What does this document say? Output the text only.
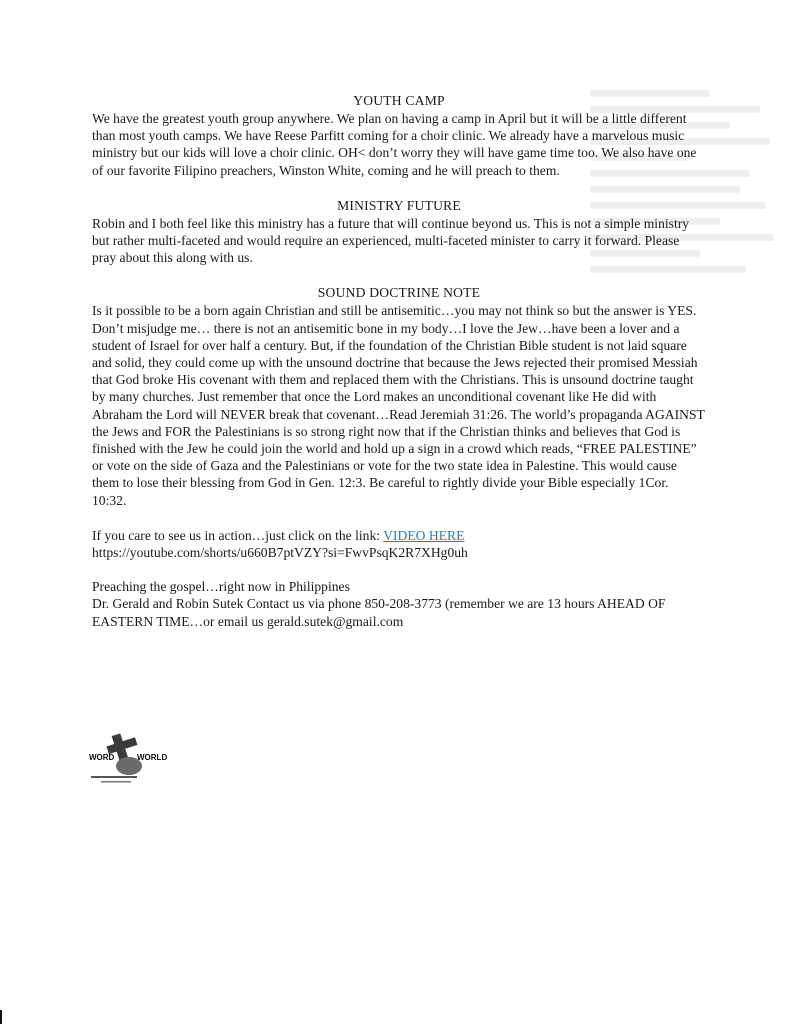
YOUTH CAMP

We have the greatest youth group anywhere. We plan on having a camp in April but it will be a little different than most youth camps. We have Reese Parfitt coming for a choir clinic. We already have a marvelous music ministry but our kids will love a choir clinic. OH< don’t worry they will have game time too. We also have one of our favorite Filipino preachers, Winston White, coming and he will preach to them.

MINISTRY FUTURE

Robin and I both feel like this ministry has a future that will continue beyond us. This is not a simple ministry but rather multi-faceted and would require an experienced, multi-faceted minister to carry it forward. Please pray about this along with us.

SOUND DOCTRINE NOTE

Is it possible to be a born again Christian and still be antisemitic…you may not think so but the answer is YES. Don’t misjudge me… there is not an antisemitic bone in my body…I love the Jew…have been a lover and a student of Israel for over half a century. But, if the foundation of the Christian Bible student is not laid square and solid, they could come up with the unsound doctrine that because the Jews rejected their promised Messiah that God broke His covenant with them and replaced them with the Christians. This is unsound doctrine taught by many churches. Just remember that once the Lord makes an unconditional covenant like He did with Abraham the Lord will NEVER break that covenant…Read Jeremiah 31:26. The world’s propaganda AGAINST the Jews and FOR the Palestinians is so strong right now that if the Christian thinks and believes that God is finished with the Jew he could join the world and hold up a sign in a crowd which reads, “FREE PALESTINE” or vote on the side of Gaza and the Palestinians or vote for the two state idea in Palestine. This would cause them to lose their blessing from God in Gen. 12:3. Be careful to rightly divide your Bible especially 1Cor. 10:32.

If you care to see us in action…just click on the link: VIDEO HERE

https://youtube.com/shorts/u660B7ptVZY?si=FwvPsqK2R7XHg0uh

Preaching the gospel…right now in Philippines

Dr. Gerald and Robin Sutek Contact us via phone 850-208-3773 (remember we are 13 hours AHEAD OF EASTERN TIME…or email us gerald.sutek@gmail.com

WORD	WORLD
